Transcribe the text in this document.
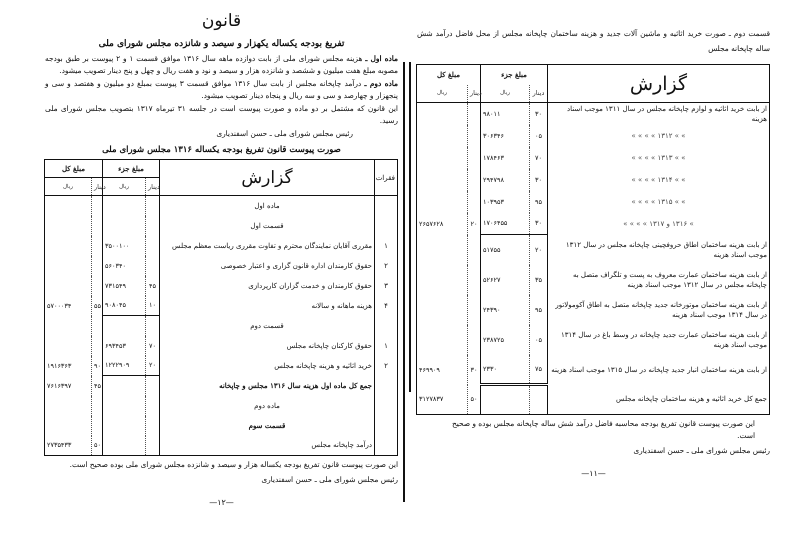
قانون
تفریغ بودجه یکساله یکهزار و سیصد و شانزده مجلس شورای ملی
ماده اول ـ هزینه مجلس شورای ملی از بابت دوازده ماهه سال ۱۳۱۶ موافق قسمت ۱ و ۲ پیوست بر طبق بودجه مصوبه مبلغ هفت میلیون و ششصد و شانزده هزار و سیصد و نود و هفت ریال و چهل و پنج دینار تصویب میشود.
ماده دوم ـ درآمد چاپخانه مجلس از بابت سال ۱۳۱۶ موافق قسمت ۳ پیوست بمبلغ دو میلیون و هفتصد و سی و پنجهزار و چهارصد و سی و سه ریال و پنجاه دینار تصویب میشود.
این قانون که مشتمل بر دو ماده و صورت پیوست است در جلسه ۳۱ تیرماه ۱۳۱۷ بتصویب مجلس شورای ملی رسید.
رئیس مجلس شورای ملی ـ حسن اسفندیاری
صورت پیوست قانون تفریغ بودجه یکساله ۱۳۱۶ مجلس شورای ملی
فقرات	گزارش	مبلغ جزء		مبلغ کل	
		دینار	ریال	دینار	ریال
	ماده اول				
	قسمت اول				
۱	مقرری آقایان نمایندگان محترم و تفاوت مقرری ریاست معظم مجلس		۳۵۰۰۱۰۰		
۲	حقوق کارمندان اداره قانون گزاری و اعتبار خصوصی		۵۶۰۳۴۰		
۳	حقوق کارمندان و خدمت گزاران کارپردازی	۴۵	۷۳۱۵۴۹		
۴	هزینه ماهانه و سالانه	۱۰	۹۰۸۰۴۵	۵۵	۵۷۰۰۰۳۴
	قسمت دوم				
۱	حقوق کارکنان چاپخانه مجلس	۷۰	۶۹۳۴۵۳		
۲	خرید اثاثیه و هزینه چاپخانه مجلس	۲۰	۱۲۲۲۹۰۹	۹۰	۱۹۱۶۳۶۳
	جمع کل ماده اول هزینه سال ۱۳۱۶ مجلس و چاپخانه			۴۵	۷۶۱۶۳۹۷
	ماده دوم				
	قسمت سوم				
	درآمد چاپخانه مجلس			۵۰	۲۷۳۵۴۳۳
این صورت پیوست قانون تفریغ بودجه یکساله هزار و سیصد و شانزده مجلس شورای ملی بوده صحیح است.
رئیس مجلس شورای ملی ـ حسن اسفندیاری
—۱۲—
قسمت دوم ـ صورت خرید اثاثیه و ماشین آلات جدید و هزینه ساختمان چاپخانه مجلس از محل فاضل درآمد شش ساله چاپخانه مجلس
گزارش	مبلغ جزء		مبلغ کل	
	دینار	ریال	دینار	ریال
از بابت خرید اثاثیه و لوازم چاپخانه مجلس در سال ۱۳۱۱ موجب اسناد هزینه	۳۰	۹۸۰۱۱		
» » ۱۳۱۲ » » » »	۰۵	۳۰۶۳۴۶		
» » ۱۳۱۳ » » » »	۷۰	۱۷۸۴۶۳		
» » ۱۳۱۴ » » » »	۳۰	۲۹۴۷۹۸		
» » ۱۳۱۵ » » » »	۹۵	۱۰۳۹۵۳		
» ۱۳۱۶ و ۱۳۱۷ » » » »	۳۰	۱۷۰۶۴۵۵	۲۰	۲۶۵۷۶۲۸
از بابت هزینه ساختمان اطاق حروفچینی چاپخانه مجلس در سال ۱۳۱۲ موجب اسناد هزینه	۲۰	۵۱۷۵۵		
از بابت هزینه ساختمان عمارت معروف به پست و تلگراف متصل به چاپخانه مجلس در سال ۱۳۱۲ موجب اسناد هزینه	۳۵	۵۲۶۲۷		
از بابت هزینه ساختمان موتورخانه جدید چاپخانه متصل به اطاق آکومولاتور در سال ۱۳۱۴ موجب اسناد هزینه	۹۵	۲۴۳۹۰		
از بابت هزینه ساختمان عمارت جدید چاپخانه در وسط باغ در سال ۱۳۱۴ موجب اسناد هزینه	۰۵	۲۳۸۷۲۵		
از بابت هزینه ساختمان انبار جدید چاپخانه در سال ۱۳۱۵ موجب اسناد هزینه	۷۵	۲۳۳۰	۳۰	۴۶۹۹۰۹
جمع کل خرید اثاثیه و هزینه ساختمان چاپخانه مجلس			۵۰	۳۱۲۷۸۳۷
این صورت پیوست قانون تفریغ بودجه محاسبه فاضل درآمد شش ساله چاپخانه مجلس بوده و صحیح است.
رئیس مجلس شورای ملی ـ حسن اسفندیاری
—۱۱—
